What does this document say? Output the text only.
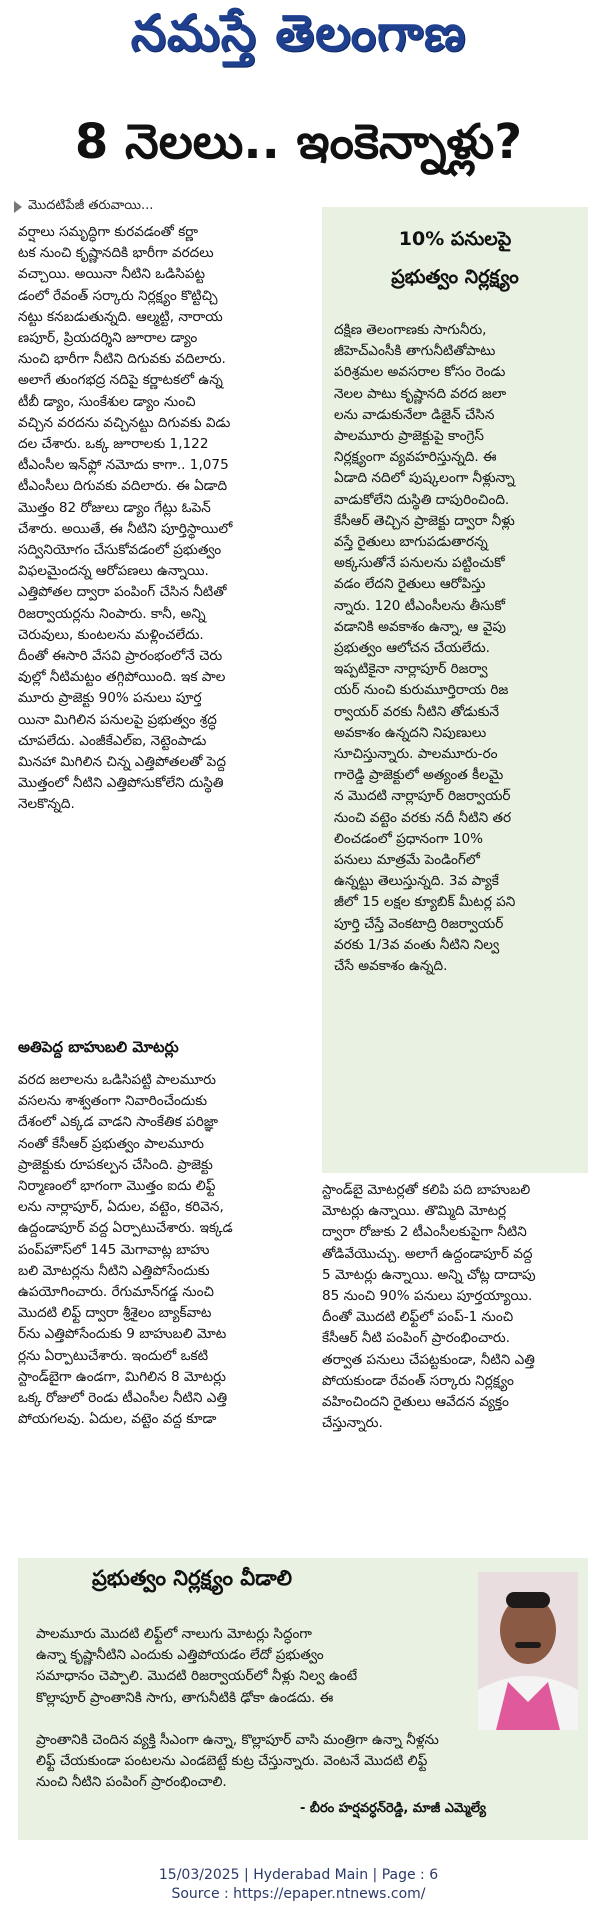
నమస్తే తెలంగాణ
8 నెలలు.. ఇంకెన్నాళ్లు?
మొదటిపేజీ తరువాయి...
వర్షాలు సమృద్ధిగా కురవడంతో కర్ణా
టక నుంచి కృష్ణానదికి భారీగా వరదలు
వచ్చాయి. అయినా నీటిని ఒడిసిపట్ట
డంలో రేవంత్ సర్కారు నిర్లక్ష్యం కొట్టిచ్చి
నట్టు కనబడుతున్నది. ఆల్మట్టి, నారాయ
ణపూర్, ప్రియదర్శిని జూరాల డ్యాం
నుంచి భారీగా నీటిని దిగువకు వదిలారు.
అలాగే తుంగభద్ర నదిపై కర్ణాటకలో ఉన్న
టీబీ డ్యాం, సుంకేశుల డ్యాం నుంచి
వచ్చిన వరదను వచ్చినట్టు దిగువకు విడు
దల చేశారు. ఒక్క జూరాలకు 1,122
టీఎంసీల ఇన్‌ఫ్లో నమోదు కాగా.. 1,075
టీఎంసీలు దిగువకు వదిలారు. ఈ ఏడాది
మొత్తం 82 రోజులు డ్యాం గేట్లు ఓపెన్
చేశారు. అయితే, ఈ నీటిని పూర్తిస్థాయిలో
సద్వినియోగం చేసుకోవడంలో ప్రభుత్వం
విఫలమైందన్న ఆరోపణలు ఉన్నాయి.
ఎత్తిపోతల ద్వారా పంపింగ్ చేసిన నీటితో
రిజర్వాయర్లను నింపారు. కానీ, అన్ని
చెరువులు, కుంటలను మళ్లించలేదు.
దీంతో ఈసారి వేసవి ప్రారంభంలోనే చెరు
వుల్లో నీటిమట్టం తగ్గిపోయింది. ఇక పాల
మూరు ప్రాజెక్టు 90% పనులు పూర్త
యినా మిగిలిన పనులపై ప్రభుత్వం శ్రద్ధ
చూపలేదు. ఎంజీకేఎల్ఐ, నెట్టెంపాడు
మినహా మిగిలిన చిన్న ఎత్తిపోతలతో పెద్ద
మొత్తంలో నీటిని ఎత్తిపోసుకోలేని దుస్థితి
నెలకొన్నది.
అతిపెద్ద బాహుబలి మోటర్లు
వరద జలాలను ఒడిసిపట్టి పాలమూరు
వసలను శాశ్వతంగా నివారించేందుకు
దేశంలో ఎక్కడ వాడని సాంకేతిక పరిజ్ఞా
నంతో కేసీఆర్ ప్రభుత్వం పాలమూరు
ప్రాజెక్టుకు రూపకల్పన చేసింది. ప్రాజెక్టు
నిర్మాణంలో భాగంగా మొత్తం ఐదు లిఫ్ట్
లను నార్లాపూర్, ఏదుల, వట్టెం, కరివెన,
ఉద్దండాపూర్ వద్ద ఏర్పాటుచేశారు. ఇక్కడ
పంప్‌హౌస్‌లో 145 మెగావాట్ల బాహు
బలి మోటర్లను నీటిని ఎత్తిపోసేందుకు
ఉపయోగించారు. రేగుమాన్‌గడ్డ నుంచి
మొదటి లిఫ్ట్ ద్వారా శ్రీశైలం బ్యాక్‌వాట
ర్‌ను ఎత్తిపోసేందుకు 9 బాహుబలి మోట
ర్లను ఏర్పాటుచేశారు. ఇందులో ఒకటి
స్టాండ్‌బైగా ఉండగా, మిగిలిన 8 మోటర్లు
ఒక్క రోజులో రెండు టీఎంసీల నీటిని ఎత్తి
పోయగలవు. ఏదుల, వట్టెం వద్ద కూడా
10% పనులపై
ప్రభుత్వం నిర్లక్ష్యం
దక్షిణ తెలంగాణకు సాగునీరు,
జీహెచ్ఎంసీకి తాగునీటితోపాటు
పరిశ్రమల అవసరాల కోసం రెండు
నెలల పాటు కృష్ణానది వరద జలా
లను వాడుకునేలా డిజైన్ చేసిన
పాలమూరు ప్రాజెక్టుపై కాంగ్రెస్
నిర్లక్ష్యంగా వ్యవహరిస్తున్నది. ఈ
ఏడాది నదిలో పుష్కలంగా నీళ్లున్నా
వాడుకోలేని దుస్థితి దాపురించింది.
కేసీఆర్ తెచ్చిన ప్రాజెక్టు ద్వారా నీళ్లు
వస్తే రైతులు బాగుపడుతారన్న
అక్కసుతోనే పనులను పట్టించుకో
వడం లేదని రైతులు ఆరోపిస్తు
న్నారు. 120 టీఎంసీలను తీసుకో
వడానికి అవకాశం ఉన్నా, ఆ వైపు
ప్రభుత్వం ఆలోచన చేయలేదు.
ఇప్పటికైనా నార్లాపూర్ రిజర్వా
యర్ నుంచి కురుమూర్తిరాయ రిజ
ర్వాయర్ వరకు నీటిని తోడుకునే
అవకాశం ఉన్నదని నిపుణులు
సూచిస్తున్నారు. పాలమూరు-రం
గారెడ్డి ప్రాజెక్టులో అత్యంత కీలమై
న మొదటి నార్లాపూర్ రిజర్వాయర్
నుంచి వట్టెం వరకు నదీ నీటిని తర
లించడంలో ప్రధానంగా 10%
పనులు మాత్రమే పెండింగ్‌లో
ఉన్నట్టు తెలుస్తున్నది. 3వ ప్యాకే
జీలో 15 లక్షల క్యూబిక్ మీటర్ల పని
పూర్తి చేస్తే వెంకటాద్రి రిజర్వాయర్
వరకు 1/3వ వంతు నీటిని నిల్వ
చేసే అవకాశం ఉన్నది.
స్టాండ్‌బై మోటర్లతో కలిపి పది బాహుబలి
మోటర్లు ఉన్నాయి. తొమ్మిది మోటర్ల
ద్వారా రోజుకు 2 టీఎంసీలకుపైగా నీటిని
తోడివేయొచ్చు. అలాగే ఉద్దండాపూర్ వద్ద
5 మోటర్లు ఉన్నాయి. అన్ని చోట్ల దాదాపు
85 నుంచి 90% పనులు పూర్తయ్యాయి.
దీంతో మొదటి లిఫ్ట్‌లో పంప్-1 నుంచి
కేసీఆర్ నీటి పంపింగ్ ప్రారంభించారు.
తర్వాత పనులు చేపట్టకుండా, నీటిని ఎత్తి
పోయకుండా రేవంత్ సర్కారు నిర్లక్ష్యం
వహించిందని రైతులు ఆవేదన వ్యక్తం
చేస్తున్నారు.
ప్రభుత్వం నిర్లక్ష్యం వీడాలి
పాలమూరు మొదటి లిఫ్ట్‌లో నాలుగు మోటర్లు సిద్ధంగా
ఉన్నా కృష్ణానీటిని ఎందుకు ఎత్తిపోయడం లేదో ప్రభుత్వం
సమాధానం చెప్పాలి. మొదటి రిజర్వాయర్‌లో నీళ్లు నిల్వ ఉంటే
కొల్లాపూర్ ప్రాంతానికి సాగు, తాగునీటికి ఢోకా ఉండదు. ఈ
ప్రాంతానికి చెందిన వ్యక్తి సీఎంగా ఉన్నా, కొల్లాపూర్ వాసి మంత్రిగా ఉన్నా నీళ్లను
లిఫ్ట్ చేయకుండా పంటలను ఎండబెట్టే కుట్ర చేస్తున్నారు. వెంటనే మొదటి లిఫ్ట్
నుంచి నీటిని పంపింగ్ ప్రారంభించాలి.
- బీరం హర్షవర్ధన్‌రెడ్డి, మాజీ ఎమ్మెల్యే
15/03/2025 | Hyderabad Main | Page : 6
Source : https://epaper.ntnews.com/
